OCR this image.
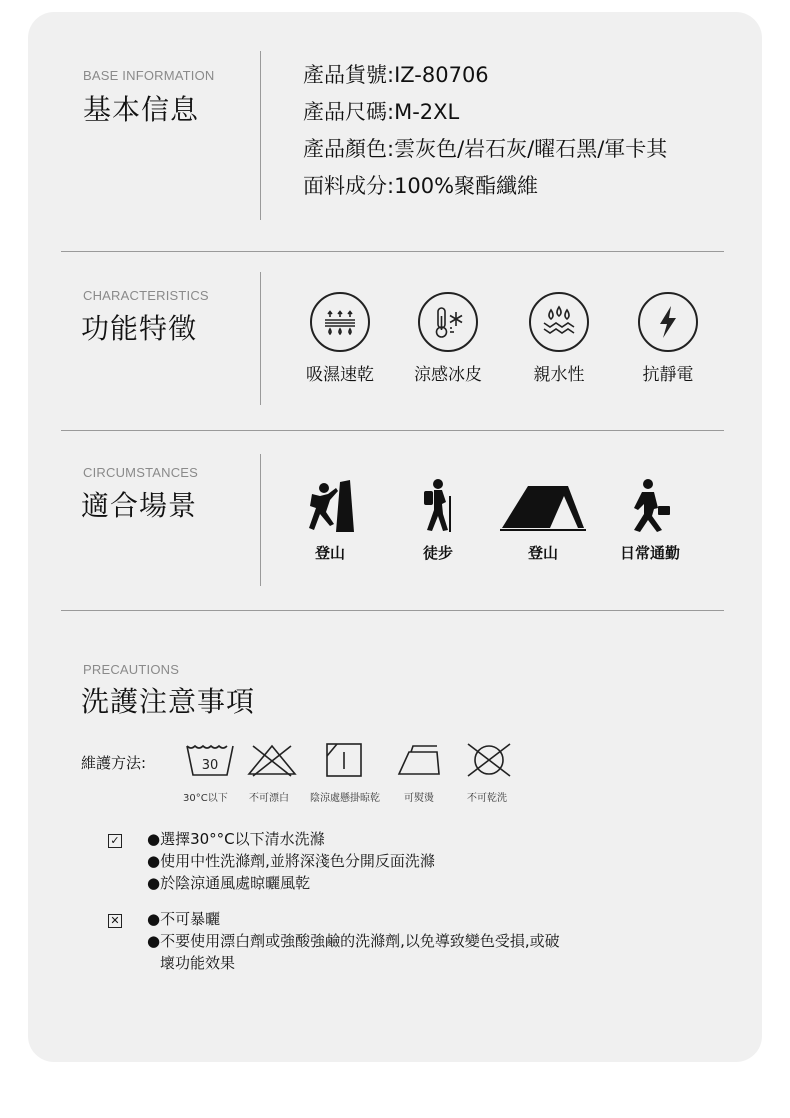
BASE INFORMATION
基本信息
產品貨號:IZ-80706
產品尺碼:M-2XL
產品顏色:雲灰色/岩石灰/曜石黑/軍卡其
面料成分:100%聚酯纖維
CHARACTERISTICS
功能特徵
吸濕速乾	涼感冰皮	親水性	抗靜電
CIRCUMSTANCES
適合場景
登山	徒步	登山	日常通勤
PRECAUTIONS
洗護注意事項
維護方法:	30
30°C以下 不可漂白 陰涼處懸掛晾乾 可熨燙	不可乾洗
✓ ●選擇30°°C以下清水洗滌
●使用中性洗滌劑,並將深淺色分開反面洗滌
●於陰涼通風處晾曬風乾
✕ ●不可暴曬
●不要使用漂白劑或強酸強鹼的洗滌劑,以免導致變色受損,或破
壞功能效果
